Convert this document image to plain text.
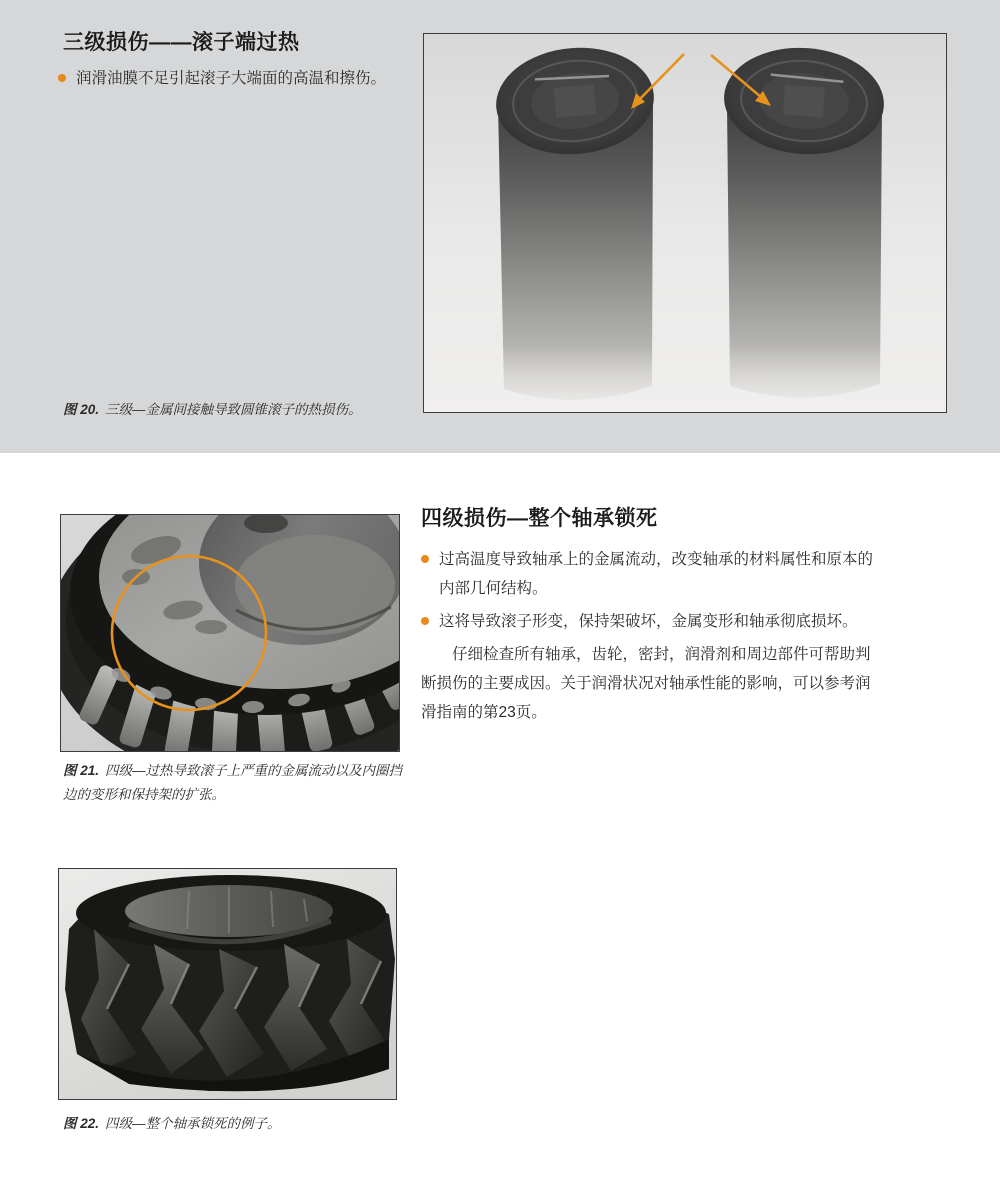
三级损伤——滚子端过热
润滑油膜不足引起滚子大端面的高温和擦伤。

图 20. 三级—金属间接触导致圆锥滚子的热损伤。

四级损伤—整个轴承锁死
过高温度导致轴承上的金属流动，改变轴承的材料属性和原本的内部几何结构。
这将导致滚子形变，保持架破坏，金属变形和轴承彻底损坏。

仔细检查所有轴承，齿轮，密封，润滑剂和周边部件可帮助判断损伤的主要成因。关于润滑状况对轴承性能的影响，可以参考润滑指南的第23页。

图 21. 四级—过热导致滚子上严重的金属流动以及内圈挡边的变形和保持架的扩张。

图 22. 四级—整个轴承锁死的例子。
